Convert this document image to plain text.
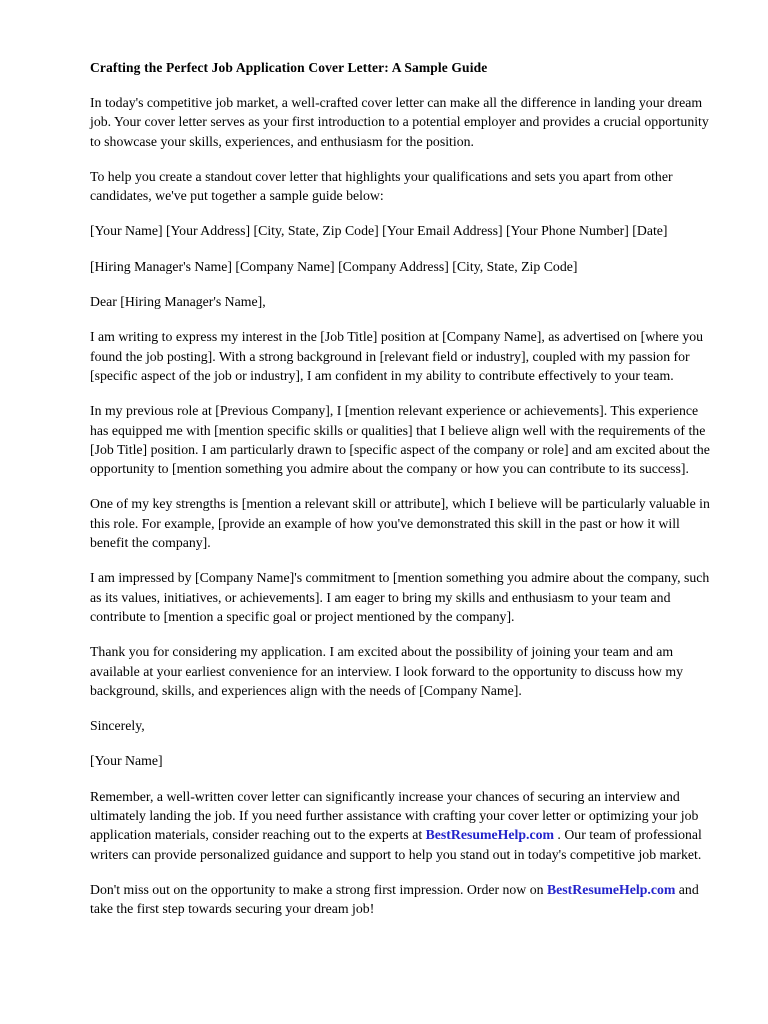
Crafting the Perfect Job Application Cover Letter: A Sample Guide

In today's competitive job market, a well-crafted cover letter can make all the difference in landing your dream job. Your cover letter serves as your first introduction to a potential employer and provides a crucial opportunity to showcase your skills, experiences, and enthusiasm for the position.

To help you create a standout cover letter that highlights your qualifications and sets you apart from other candidates, we've put together a sample guide below:

[Your Name] [Your Address] [City, State, Zip Code] [Your Email Address] [Your Phone Number] [Date]

[Hiring Manager's Name] [Company Name] [Company Address] [City, State, Zip Code]

Dear [Hiring Manager's Name],

I am writing to express my interest in the [Job Title] position at [Company Name], as advertised on [where you found the job posting]. With a strong background in [relevant field or industry], coupled with my passion for [specific aspect of the job or industry], I am confident in my ability to contribute effectively to your team.

In my previous role at [Previous Company], I [mention relevant experience or achievements]. This experience has equipped me with [mention specific skills or qualities] that I believe align well with the requirements of the [Job Title] position. I am particularly drawn to [specific aspect of the company or role] and am excited about the opportunity to [mention something you admire about the company or how you can contribute to its success].

One of my key strengths is [mention a relevant skill or attribute], which I believe will be particularly valuable in this role. For example, [provide an example of how you've demonstrated this skill in the past or how it will benefit the company].

I am impressed by [Company Name]'s commitment to [mention something you admire about the company, such as its values, initiatives, or achievements]. I am eager to bring my skills and enthusiasm to your team and contribute to [mention a specific goal or project mentioned by the company].

Thank you for considering my application. I am excited about the possibility of joining your team and am available at your earliest convenience for an interview. I look forward to the opportunity to discuss how my background, skills, and experiences align with the needs of [Company Name].

Sincerely,

[Your Name]

Remember, a well-written cover letter can significantly increase your chances of securing an interview and ultimately landing the job. If you need further assistance with crafting your cover letter or optimizing your job application materials, consider reaching out to the experts at BestResumeHelp.com . Our team of professional writers can provide personalized guidance and support to help you stand out in today's competitive job market.

Don't miss out on the opportunity to make a strong first impression. Order now on BestResumeHelp.com and take the first step towards securing your dream job!
